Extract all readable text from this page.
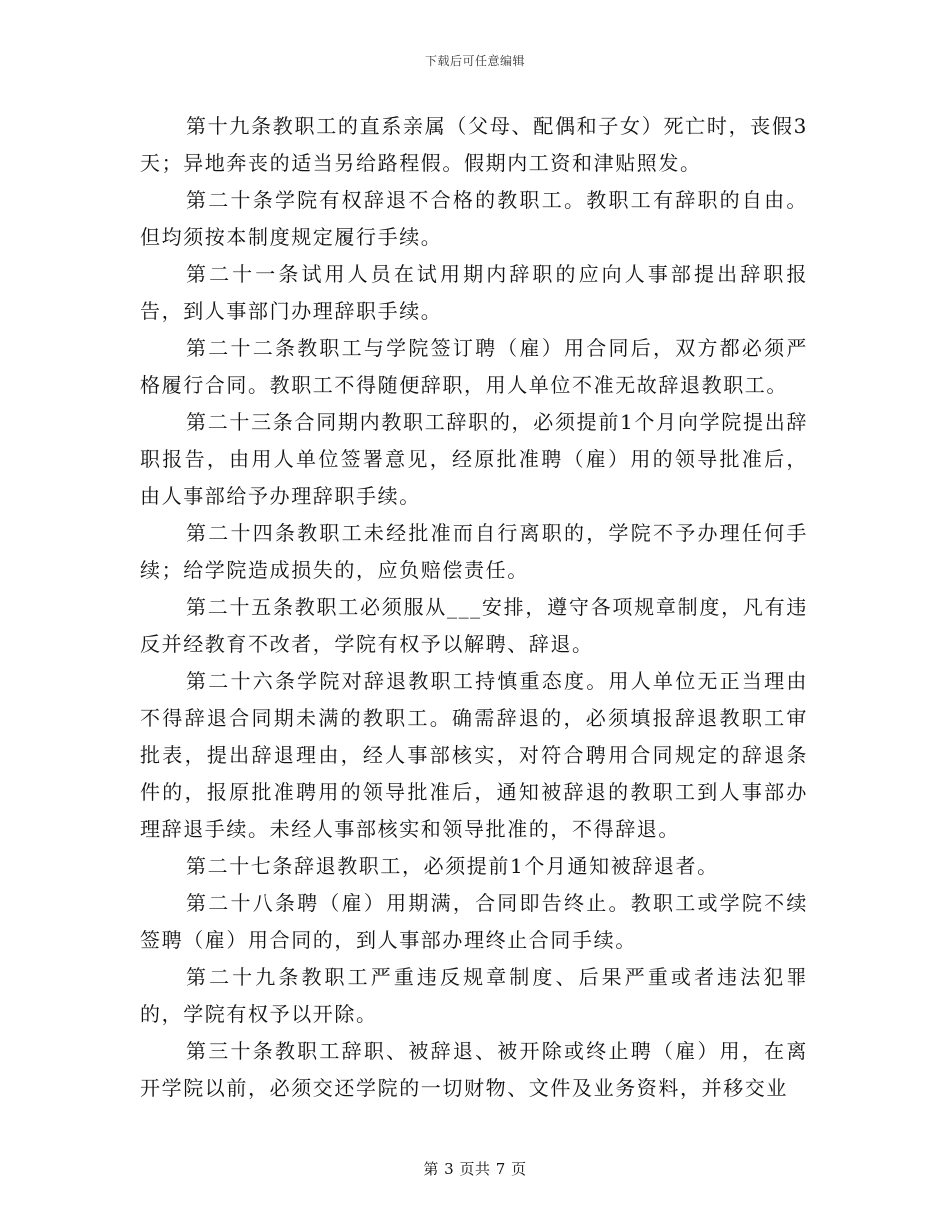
下载后可任意编辑

第十九条教职工的直系亲属（父母、配偶和子女）死亡时，丧假3天；异地奔丧的适当另给路程假。假期内工资和津贴照发。

第二十条学院有权辞退不合格的教职工。教职工有辞职的自由。但均须按本制度规定履行手续。

第二十一条试用人员在试用期内辞职的应向人事部提出辞职报告，到人事部门办理辞职手续。

第二十二条教职工与学院签订聘（雇）用合同后，双方都必须严格履行合同。教职工不得随便辞职，用人单位不准无故辞退教职工。

第二十三条合同期内教职工辞职的，必须提前1个月向学院提出辞职报告，由用人单位签署意见，经原批准聘（雇）用的领导批准后，由人事部给予办理辞职手续。

第二十四条教职工未经批准而自行离职的，学院不予办理任何手续；给学院造成损失的，应负赔偿责任。

第二十五条教职工必须服从___安排，遵守各项规章制度，凡有违反并经教育不改者，学院有权予以解聘、辞退。

第二十六条学院对辞退教职工持慎重态度。用人单位无正当理由不得辞退合同期未满的教职工。确需辞退的，必须填报辞退教职工审批表，提出辞退理由，经人事部核实，对符合聘用合同规定的辞退条件的，报原批准聘用的领导批准后，通知被辞退的教职工到人事部办理辞退手续。未经人事部核实和领导批准的，不得辞退。

第二十七条辞退教职工，必须提前1个月通知被辞退者。

第二十八条聘（雇）用期满，合同即告终止。教职工或学院不续签聘（雇）用合同的，到人事部办理终止合同手续。

第二十九条教职工严重违反规章制度、后果严重或者违法犯罪的，学院有权予以开除。

第三十条教职工辞职、被辞退、被开除或终止聘（雇）用，在离开学院以前，必须交还学院的一切财物、文件及业务资料，并移交业

第 3 页共 7 页
